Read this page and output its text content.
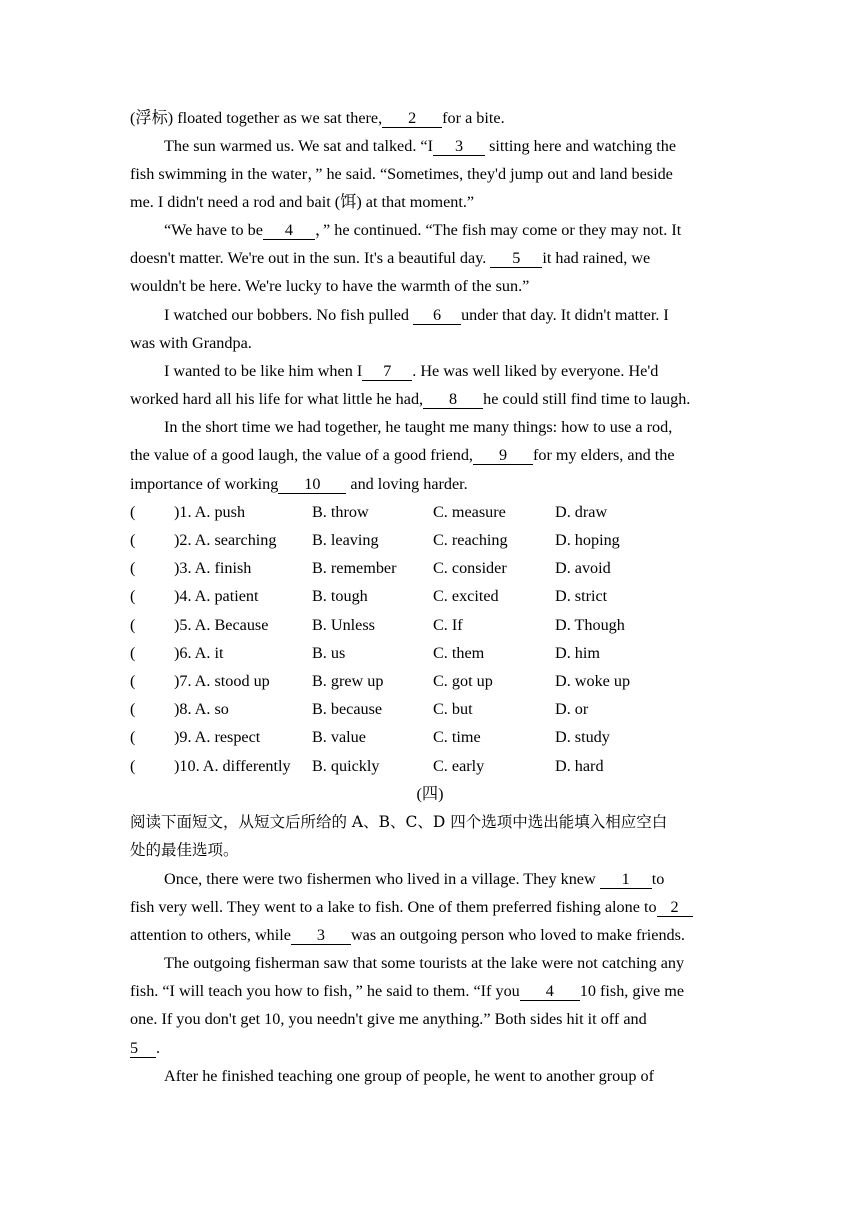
(浮标) floated together as we sat there, 2 for a bite.
The sun warmed us. We sat and talked. “I 3 sitting here and watching the
fish swimming in the water，” he said. “Sometimes, they'd jump out and land beside
me. I didn't need a rod and bait (饵) at that moment.”
“We have to be 4 ，” he continued. “The fish may come or they may not. It
doesn't matter. We're out in the sun. It's a beautiful day. 5 it had rained, we
wouldn't be here. We're lucky to have the warmth of the sun.”
I watched our bobbers. No fish pulled 6 under that day. It didn't matter. I
was with Grandpa.
I wanted to be like him when I 7 . He was well liked by everyone. He'd
worked hard all his life for what little he had, 8 he could still find time to laugh.
In the short time we had together, he taught me many things: how to use a rod,
the value of a good laugh, the value of a good friend, 9 for my elders, and the
importance of working 10 and loving harder.
( )1. A. push	B. throw	C. measure	D. draw
( )2. A. searching B. leaving	C. reaching	D. hoping
( )3. A. finish	B. remember C. consider	D. avoid
( )4. A. patient	B. tough	C. excited	D. strict
( )5. A. Because	B. Unless	C. If	D. Though
( )6. A. it	B. us	C. them	D. him
( )7. A. stood up	B. grew up	C. got up	D. woke up
( )8. A. so	B. because	C. but	D. or
( )9. A. respect	B. value	C. time	D. study
( )10. A. differently B. quickly	C. early	D. hard
(四)
阅读下面短文，从短文后所给的 A、B、C、D 四个选项中选出能填入相应空白
处的最佳选项。
Once, there were two fishermen who lived in a village. They knew 1 to
fish very well. They went to a lake to fish. One of them preferred fishing alone to 2
attention to others, while 3 was an outgoing person who loved to make friends.
The outgoing fisherman saw that some tourists at the lake were not catching any
fish. “I will teach you how to fish，” he said to them. “If you 4 10 fish, give me
one. If you don't get 10, you needn't give me anything.” Both sides hit it off and
5 .
After he finished teaching one group of people, he went to another group of
